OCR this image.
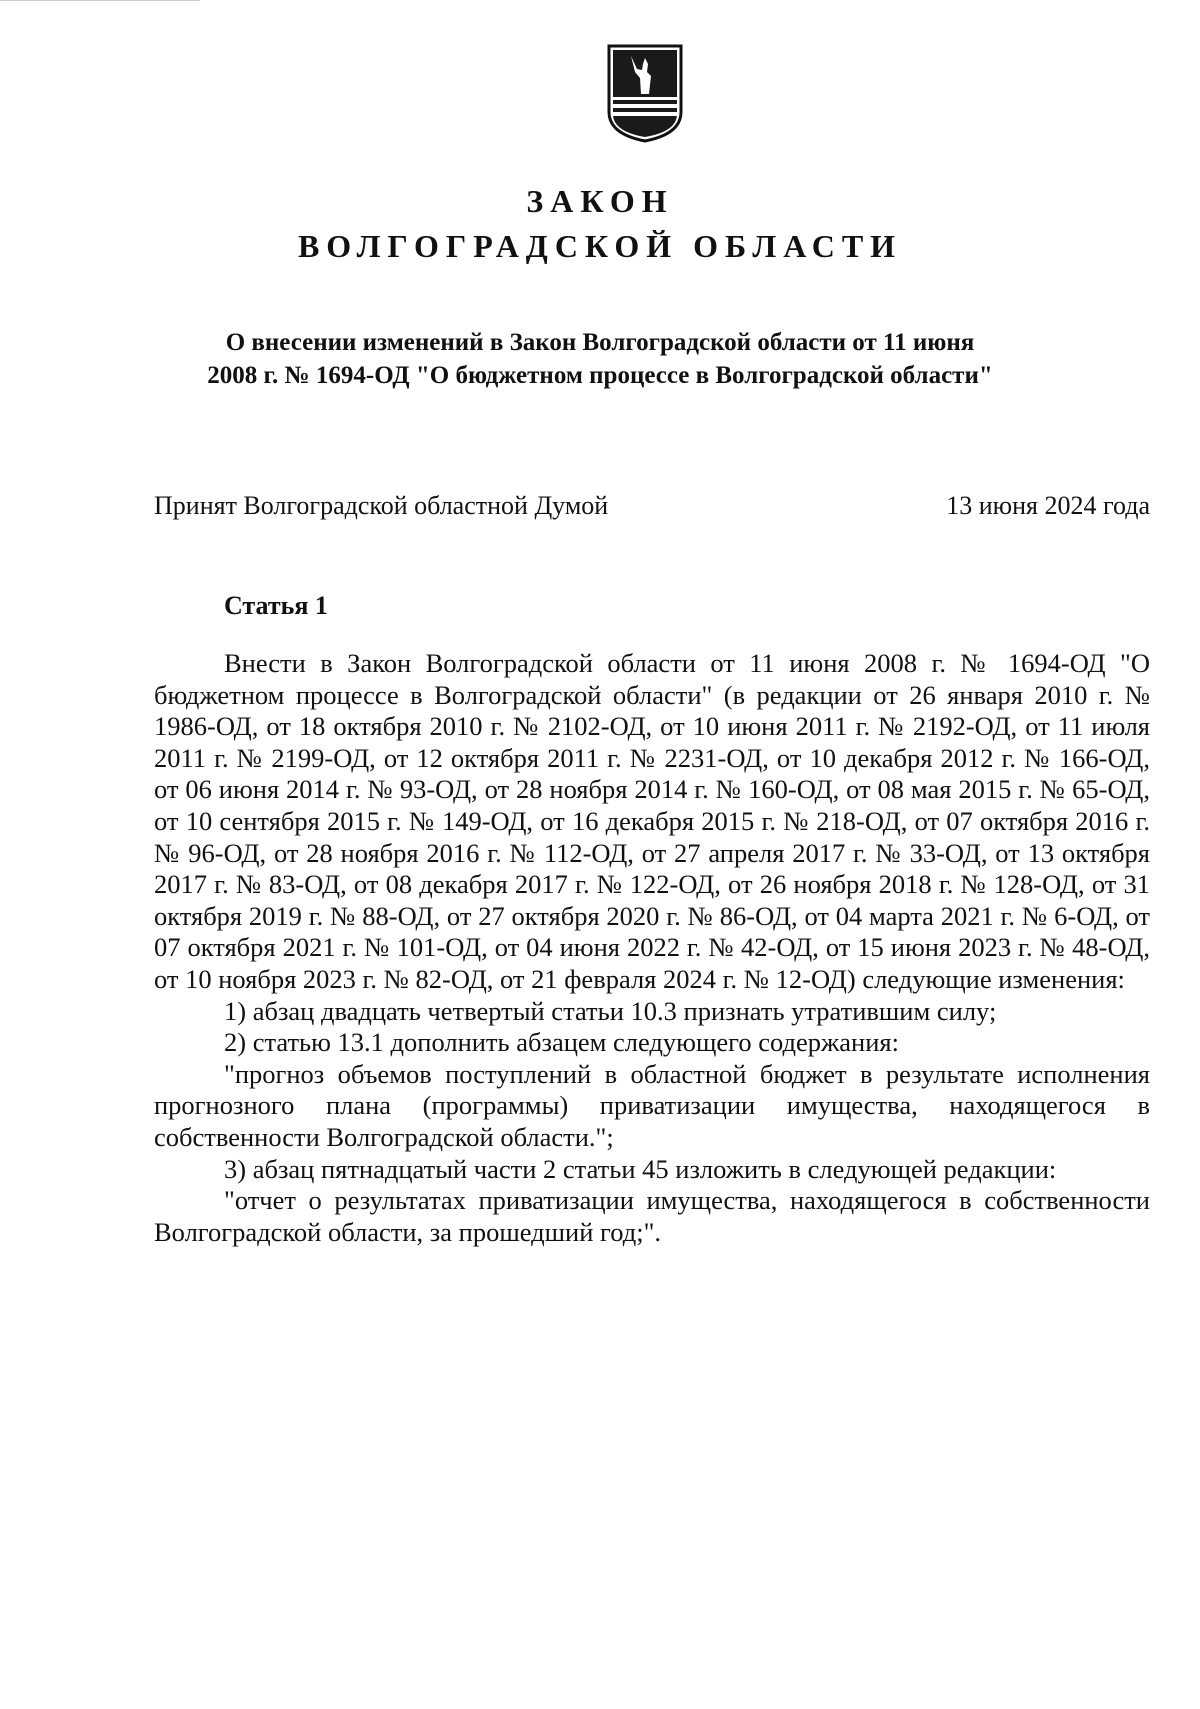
ЗАКОН
ВОЛГОГРАДСКОЙ ОБЛАСТИ
О внесении изменений в Закон Волгоградской области от 11 июня
2008 г. № 1694-ОД "О бюджетном процессе в Волгоградской области"
Принят Волгоградской областной Думой	13 июня 2024 года
Статья 1

Внести в Закон Волгоградской области от 11 июня 2008 г. № 1694-ОД "О бюджетном процессе в Волгоградской области" (в редакции от 26 января 2010 г. № 1986-ОД, от 18 октября 2010 г. № 2102-ОД, от 10 июня 2011 г. № 2192-ОД, от 11 июля 2011 г. № 2199-ОД, от 12 октября 2011 г. № 2231-ОД, от 10 декабря 2012 г. № 166-ОД, от 06 июня 2014 г. № 93-ОД, от 28 ноября 2014 г. № 160-ОД, от 08 мая 2015 г. № 65-ОД, от 10 сентября 2015 г. № 149-ОД, от 16 декабря 2015 г. № 218-ОД, от 07 октября 2016 г. № 96-ОД, от 28 ноября 2016 г. № 112-ОД, от 27 апреля 2017 г. № 33-ОД, от 13 октября 2017 г. № 83-ОД, от 08 декабря 2017 г. № 122-ОД, от 26 ноября 2018 г. № 128-ОД, от 31 октября 2019 г. № 88-ОД, от 27 октября 2020 г. № 86-ОД, от 04 марта 2021 г. № 6-ОД, от 07 октября 2021 г. № 101-ОД, от 04 июня 2022 г. № 42-ОД, от 15 июня 2023 г. № 48-ОД, от 10 ноября 2023 г. № 82-ОД, от 21 февраля 2024 г. № 12-ОД) следующие изменения:

1) абзац двадцать четвертый статьи 10.3 признать утратившим силу;

2) статью 13.1 дополнить абзацем следующего содержания:

"прогноз объемов поступлений в областной бюджет в результате исполнения прогнозного плана (программы) приватизации имущества, находящегося в собственности Волгоградской области.";

3) абзац пятнадцатый части 2 статьи 45 изложить в следующей редакции:

"отчет о результатах приватизации имущества, находящегося в собственности Волгоградской области, за прошедший год;".
